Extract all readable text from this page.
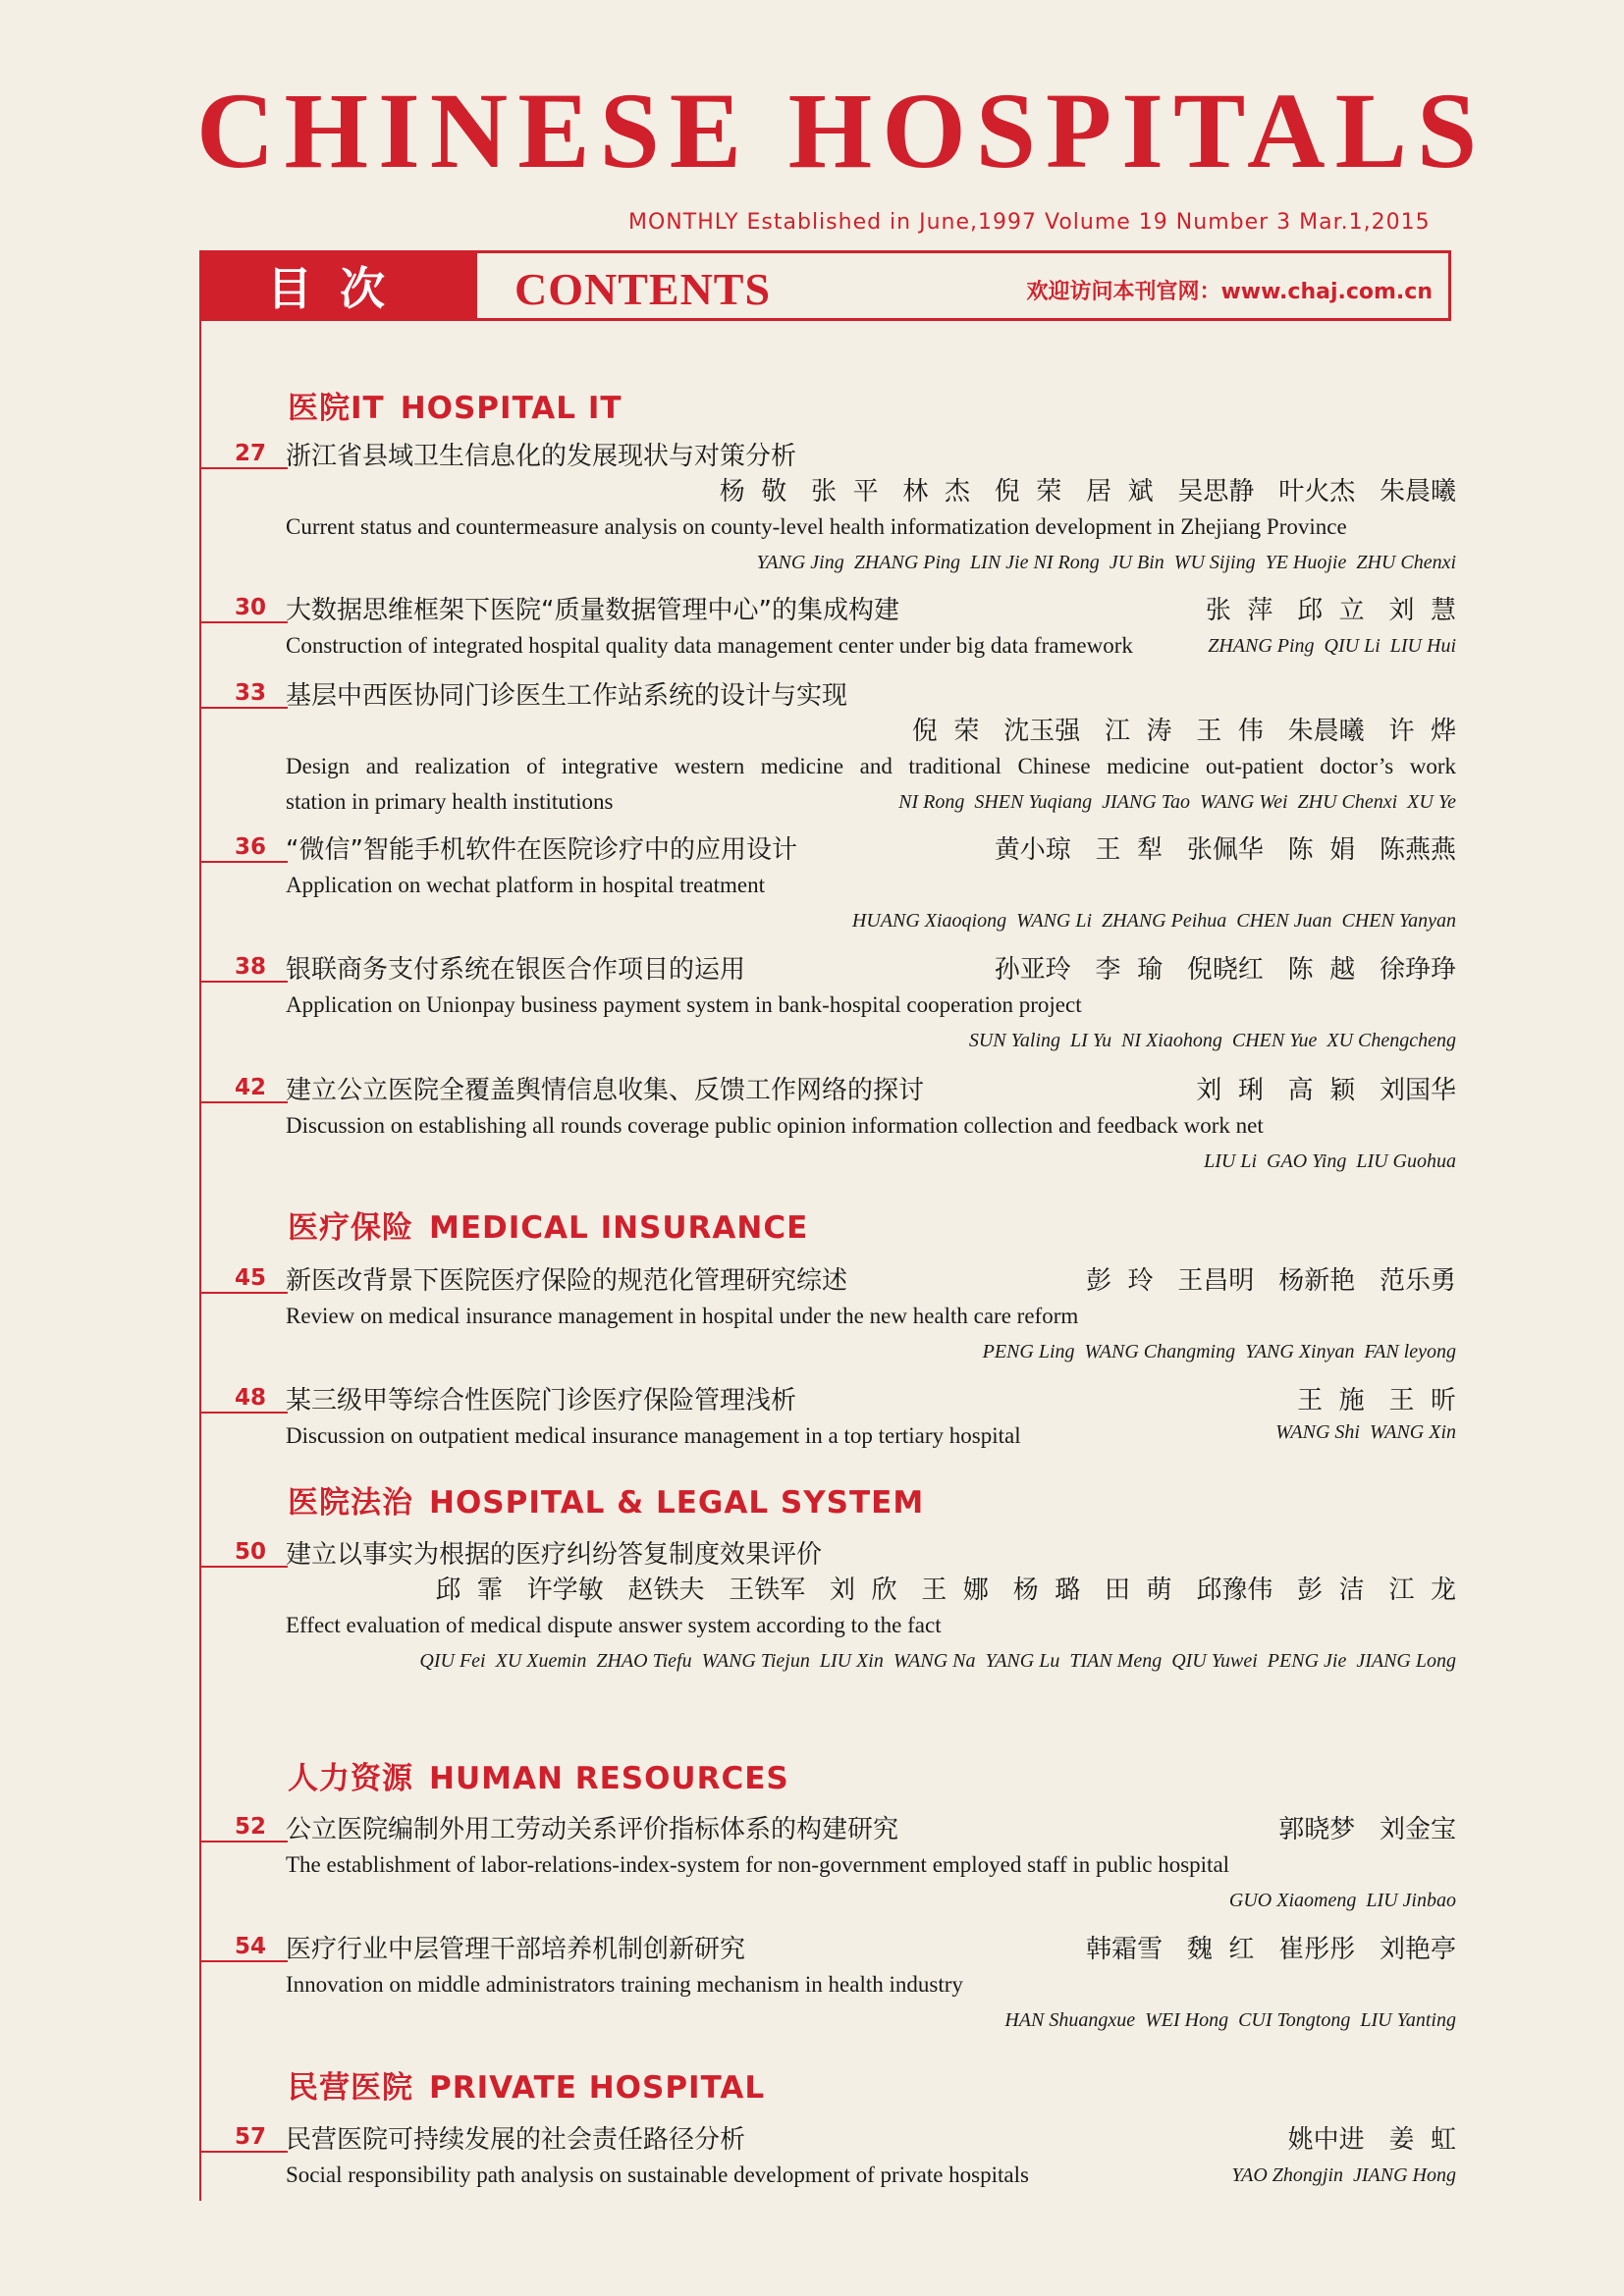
CHINESE HOSPITALS
MONTHLY Established in June,1997 Volume 19 Number 3 Mar.1,2015
目次	CONTENTS	欢迎访问本刊官网：www.chaj.com.cn
医院IT HOSPITAL IT
27 浙江省县域卫生信息化的发展现状与对策分析
杨  敬   张  平   林  杰   倪  荣   居  斌   吴思静   叶火杰   朱晨曦
Current status and countermeasure analysis on county-level health informatization development in Zhejiang Province
YANG Jing  ZHANG Ping  LIN Jie NI Rong  JU Bin  WU Sijing  YE Huojie  ZHU Chenxi
30 大数据思维框架下医院“质量数据管理中心”的集成构建	张  萍   邱  立   刘  慧
Construction of integrated hospital quality data management center under big data framework	ZHANG Ping  QIU Li  LIU Hui
33 基层中西医协同门诊医生工作站系统的设计与实现
倪  荣   沈玉强   江  涛   王  伟   朱晨曦   许  烨
Design and realization of integrative western medicine and traditional Chinese medicine out-patient doctor’s work
station in primary health institutions	NI Rong  SHEN Yuqiang  JIANG Tao  WANG Wei  ZHU Chenxi  XU Ye
36 “微信”智能手机软件在医院诊疗中的应用设计	黄小琼   王  犁   张佩华   陈  娟   陈燕燕
Application on wechat platform in hospital treatment
HUANG Xiaoqiong  WANG Li  ZHANG Peihua  CHEN Juan  CHEN Yanyan
38 银联商务支付系统在银医合作项目的运用	孙亚玲   李  瑜   倪晓红   陈  越   徐琤琤
Application on Unionpay business payment system in bank-hospital cooperation project
SUN Yaling  LI Yu  NI Xiaohong  CHEN Yue  XU Chengcheng
42 建立公立医院全覆盖舆情信息收集、反馈工作网络的探讨	刘  琍   高  颖   刘国华
Discussion on establishing all rounds coverage public opinion information collection and feedback work net
LIU Li  GAO Ying  LIU Guohua
医疗保险 MEDICAL INSURANCE
45 新医改背景下医院医疗保险的规范化管理研究综述	彭  玲   王昌明   杨新艳   范乐勇
Review on medical insurance management in hospital under the new health care reform
PENG Ling  WANG Changming  YANG Xinyan  FAN leyong
48 某三级甲等综合性医院门诊医疗保险管理浅析	王  施   王  昕
Discussion on outpatient medical insurance management in a top tertiary hospital	WANG Shi  WANG Xin
医院法治 HOSPITAL & LEGAL SYSTEM
50 建立以事实为根据的医疗纠纷答复制度效果评价
邱  霏   许学敏   赵铁夫   王铁军   刘  欣   王  娜   杨  璐   田  萌   邱豫伟   彭  洁   江  龙
Effect evaluation of medical dispute answer system according to the fact
QIU Fei  XU Xuemin  ZHAO Tiefu  WANG Tiejun  LIU Xin  WANG Na  YANG Lu  TIAN Meng  QIU Yuwei  PENG Jie  JIANG Long
人力资源 HUMAN RESOURCES
52 公立医院编制外用工劳动关系评价指标体系的构建研究	郭晓梦   刘金宝
The establishment of labor-relations-index-system for non-government employed staff in public hospital
GUO Xiaomeng  LIU Jinbao
54 医疗行业中层管理干部培养机制创新研究	韩霜雪   魏  红   崔彤彤   刘艳亭
Innovation on middle administrators training mechanism in health industry
HAN Shuangxue  WEI Hong  CUI Tongtong  LIU Yanting
民营医院 PRIVATE HOSPITAL
57 民营医院可持续发展的社会责任路径分析	姚中进   姜  虹
Social responsibility path analysis on sustainable development of private hospitals	YAO Zhongjin  JIANG Hong
